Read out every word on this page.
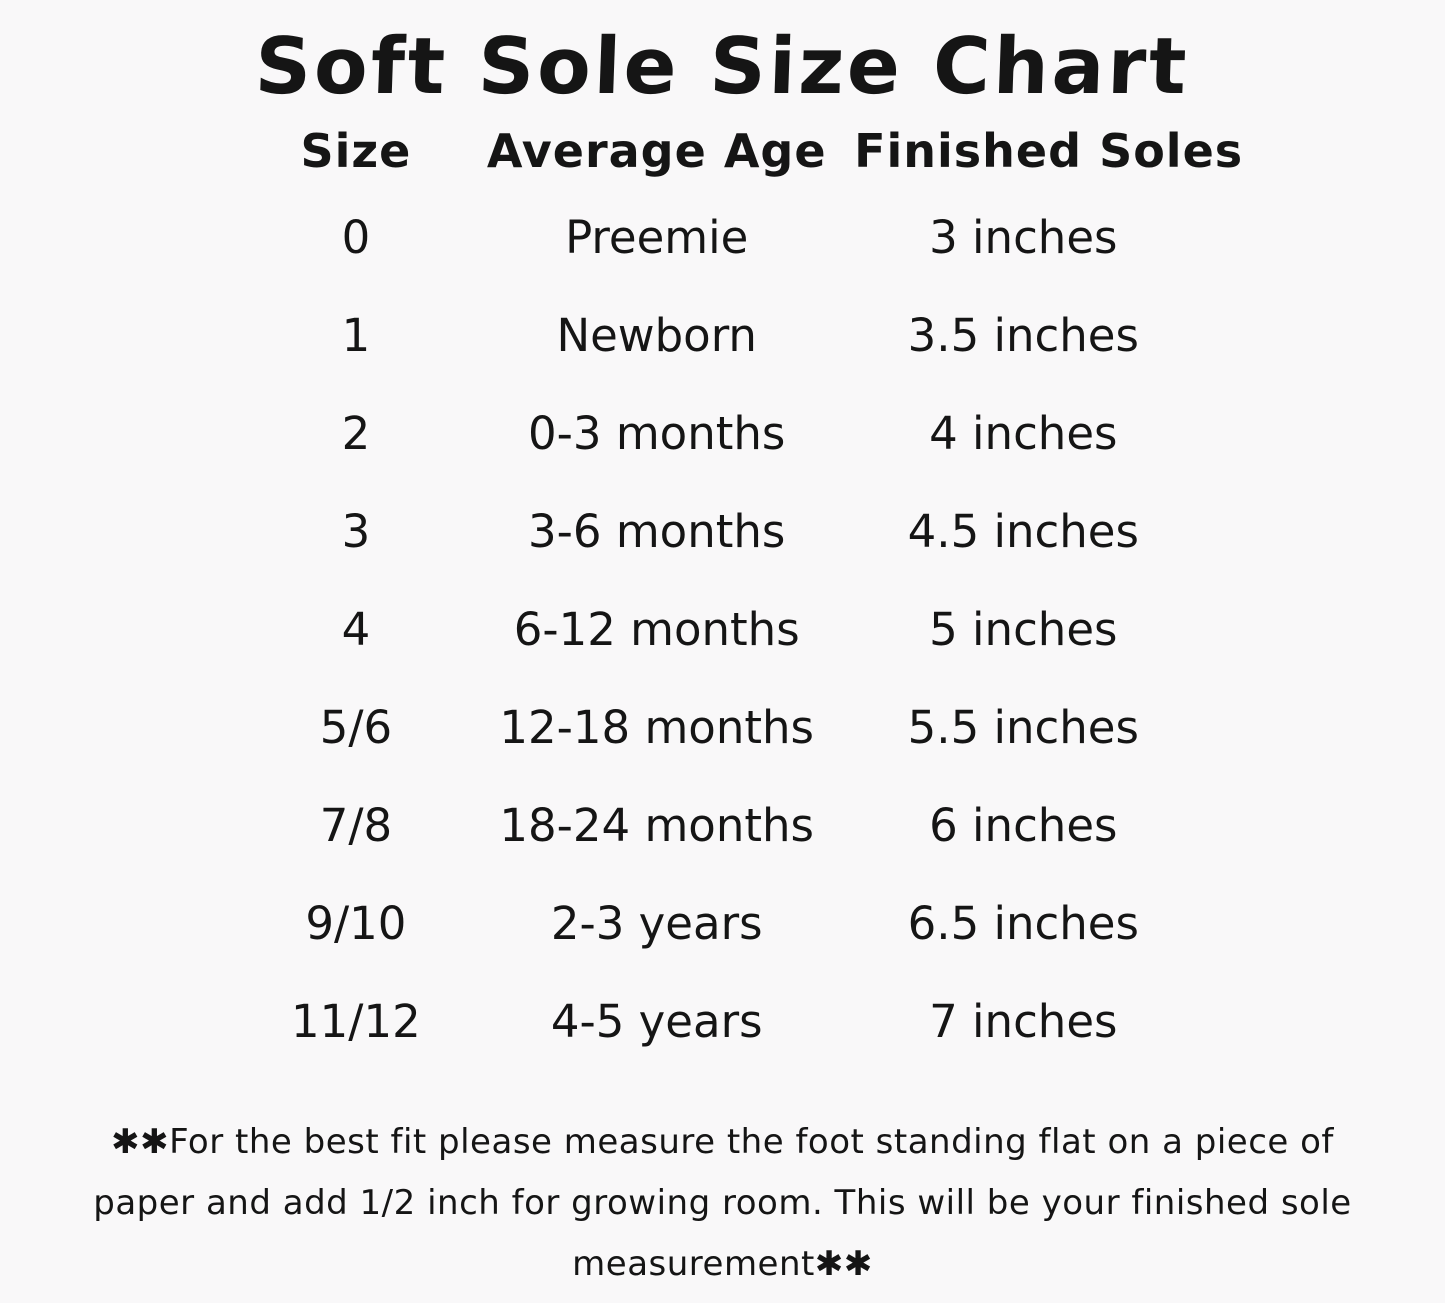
Soft Sole Size Chart
Size	Average Age	Finished Soles
0	Preemie	3 inches
1	Newborn	3.5 inches
2	0-3 months	4 inches
3	3-6 months	4.5 inches
4	6-12 months	5 inches
5/6	12-18 months	5.5 inches
7/8	18-24 months	6 inches
9/10	2-3 years	6.5 inches
11/12	4-5 years	7 inches

✱✱For the best fit please measure the foot standing flat on a piece of paper and add 1/2 inch for growing room. This will be your finished sole measurement✱✱
